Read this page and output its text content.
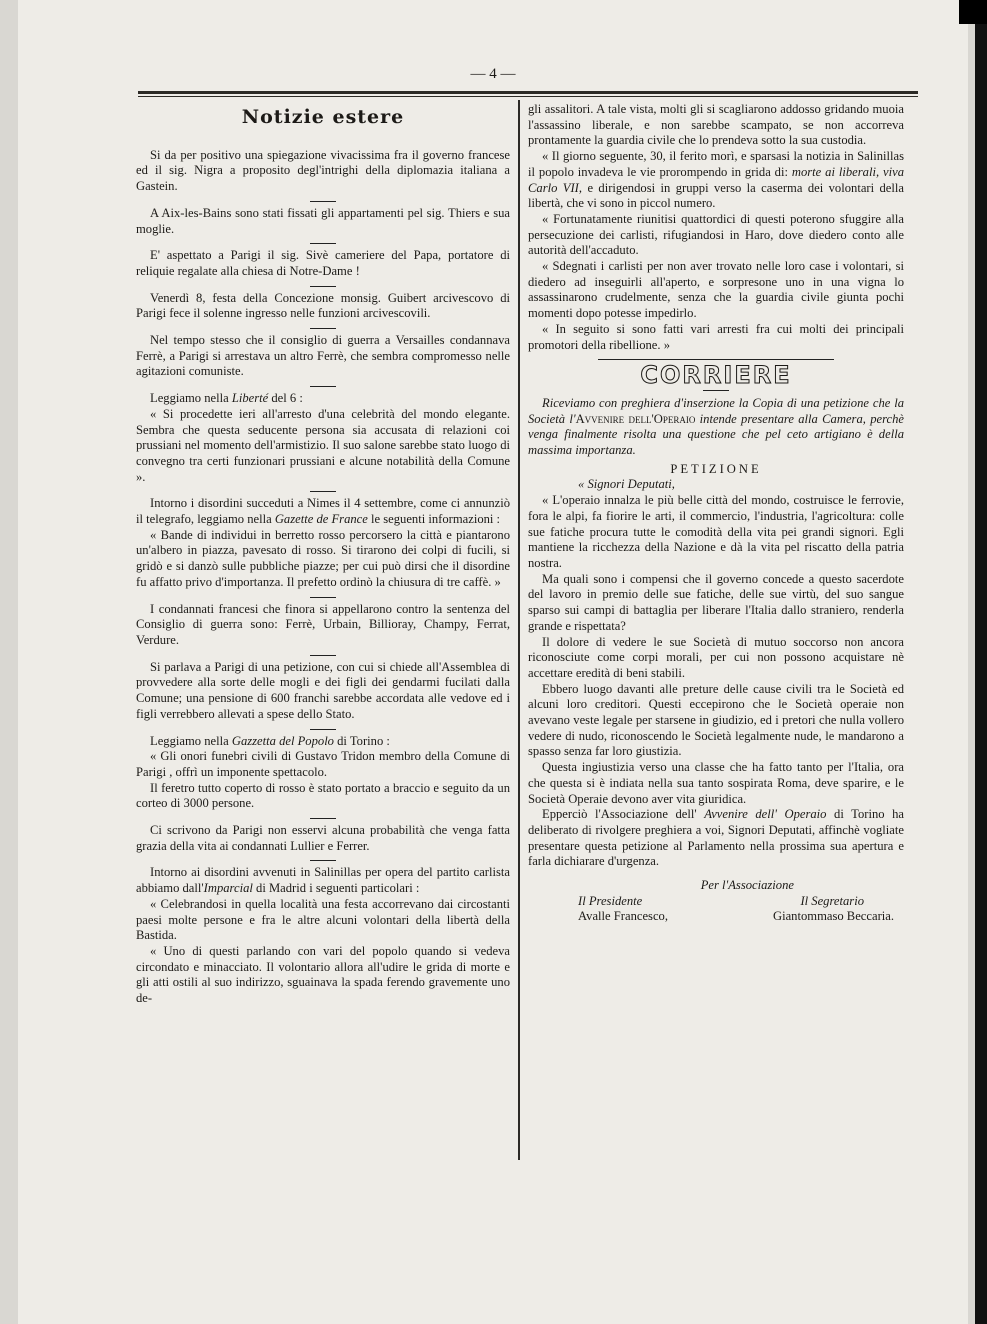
— 4 —
Notizie estere

Si da per positivo una spiegazione vivacissima fra il governo francese ed il sig. Nigra a proposito degl'intrighi della diplomazia italiana a Gastein.

A Aix-les-Bains sono stati fissati gli appartamenti pel sig. Thiers e sua moglie.

E' aspettato a Parigi il sig. Sivè cameriere del Papa, portatore di reliquie regalate alla chiesa di Notre-Dame !

Venerdì 8, festa della Concezione monsig. Guibert arcivescovo di Parigi fece il solenne ingresso nelle funzioni arcivescovili.

Nel tempo stesso che il consiglio di guerra a Versailles condannava Ferrè, a Parigi si arrestava un altro Ferrè, che sembra compromesso nelle agitazioni comuniste.

Leggiamo nella Liberté del 6 :

« Si procedette ieri all'arresto d'una celebrità del mondo elegante. Sembra che questa seducente persona sia accusata di relazioni coi prussiani nel momento dell'armistizio. Il suo salone sarebbe stato luogo di convegno tra certi funzionari prussiani e alcune notabilità della Comune ».

Intorno i disordini succeduti a Nimes il 4 settembre, come ci annunziò il telegrafo, leggiamo nella Gazette de France le seguenti informazioni :

« Bande di individui in berretto rosso percorsero la città e piantarono un'albero in piazza, pavesato di rosso. Si tirarono dei colpi di fucili, si gridò e si danzò sulle pubbliche piazze; per cui può dirsi che il disordine fu affatto privo d'importanza. Il prefetto ordinò la chiusura di tre caffè. »

I condannati francesi che finora si appellarono contro la sentenza del Consiglio di guerra sono: Ferrè, Urbain, Billioray, Champy, Ferrat, Verdure.

Si parlava a Parigi di una petizione, con cui si chiede all'Assemblea di provvedere alla sorte delle mogli e dei figli dei gendarmi fucilati dalla Comune; una pensione di 600 franchi sarebbe accordata alle vedove ed i figli verrebbero allevati a spese dello Stato.

Leggiamo nella Gazzetta del Popolo di Torino :

« Gli onori funebri civili di Gustavo Tridon membro della Comune di Parigi , offrì un imponente spettacolo.

Il feretro tutto coperto di rosso è stato portato a braccio e seguito da un corteo di 3000 persone.

Ci scrivono da Parigi non esservi alcuna probabilità che venga fatta grazia della vita ai condannati Lullier e Ferrer.

Intorno ai disordini avvenuti in Salinillas per opera del partito carlista abbiamo dall'Imparcial di Madrid i seguenti particolari :

« Celebrandosi in quella località una festa accorrevano dai circostanti paesi molte persone e fra le altre alcuni volontari della libertà della Bastida.

« Uno di questi parlando con vari del popolo quando si vedeva circondato e minacciato. Il volontario allora all'udire le grida di morte e gli atti ostili al suo indirizzo, sguainava la spada ferendo gravemente uno de-

gli assalitori. A tale vista, molti gli si scagliarono addosso gridando muoia l'assassino liberale, e non sarebbe scampato, se non accorreva prontamente la guardia civile che lo prendeva sotto la sua custodia.

« Il giorno seguente, 30, il ferito morì, e sparsasi la notizia in Salinillas il popolo invadeva le vie prorompendo in grida di: morte ai liberali, viva Carlo VII, e dirigendosi in gruppi verso la caserma dei volontari della libertà, che vi sono in piccol numero.

« Fortunatamente riunitisi quattordici di questi poterono sfuggire alla persecuzione dei carlisti, rifugiandosi in Haro, dove diedero conto alle autorità dell'accaduto.

« Sdegnati i carlisti per non aver trovato nelle loro case i volontari, si diedero ad inseguirli all'aperto, e sorpresone uno in una vigna lo assassinarono crudelmente, senza che la guardia civile giunta pochi momenti dopo potesse impedirlo.

« In seguito si sono fatti vari arresti fra cui molti dei principali promotori della ribellione. »

CORRIERE

Riceviamo con preghiera d'inserzione la Copia di una petizione che la Società l'Avvenire dell'Operaio intende presentare alla Camera, perchè venga finalmente risolta una questione che pel ceto artigiano è della massima importanza.

PETIZIONE

« Signori Deputati,

« L'operaio innalza le più belle città del mondo, costruisce le ferrovie, fora le alpi, fa fiorire le arti, il commercio, l'industria, l'agricoltura: colle sue fatiche procura tutte le comodità della vita pei grandi signori. Egli mantiene la ricchezza della Nazione e dà la vita pel riscatto della patria nostra.

Ma quali sono i compensi che il governo concede a questo sacerdote del lavoro in premio delle sue fatiche, delle sue virtù, del suo sangue sparso sui campi di battaglia per liberare l'Italia dallo straniero, renderla grande e rispettata?

Il dolore di vedere le sue Società di mutuo soccorso non ancora riconosciute come corpi morali, per cui non possono acquistare nè accettare eredità di beni stabili.

Ebbero luogo davanti alle preture delle cause civili tra le Società ed alcuni loro creditori. Questi eccepirono che le Società operaie non avevano veste legale per starsene in giudizio, ed i pretori che nulla vollero vedere di nudo, riconoscendo le Società legalmente nude, le mandarono a spasso senza far loro giustizia.

Questa ingiustizia verso una classe che ha fatto tanto per l'Italia, ora che questa si è indiata nella sua tanto sospirata Roma, deve sparire, e le Società Operaie devono aver vita giuridica.

Epperciò l'Associazione dell' Avvenire dell' Operaio di Torino ha deliberato di rivolgere preghiera a voi, Signori Deputati, affinchè vogliate presentare questa petizione al Parlamento nella prossima sua apertura e farla dichiarare d'urgenza.

Per l'Associazione

Il Presidente	Il Segretario
Avalle Francesco,	Giantommaso Beccaria.
